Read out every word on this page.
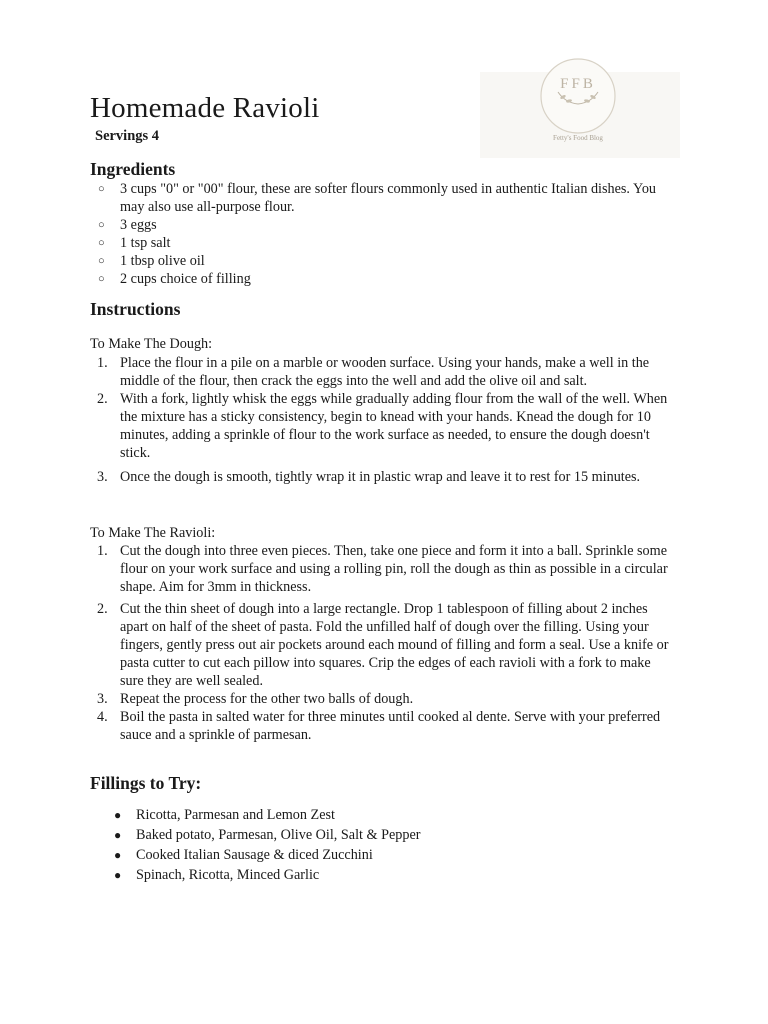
FFB
Fetty's Food Blog
Homemade Ravioli
Servings 4
Ingredients
○ 3 cups "0" or "00" flour, these are softer flours commonly used in authentic Italian dishes. You may also use all-purpose flour.
○ 3 eggs
○ 1 tsp salt
○ 1 tbsp olive oil
○ 2 cups choice of filling
Instructions
To Make The Dough:
1. Place the flour in a pile on a marble or wooden surface. Using your hands, make a well in the middle of the flour, then crack the eggs into the well and add the olive oil and salt.
2. With a fork, lightly whisk the eggs while gradually adding flour from the wall of the well. When the mixture has a sticky consistency, begin to knead with your hands. Knead the dough for 10 minutes, adding a sprinkle of flour to the work surface as needed, to ensure the dough doesn't stick.
3. Once the dough is smooth, tightly wrap it in plastic wrap and leave it to rest for 15 minutes.
To Make The Ravioli:
1. Cut the dough into three even pieces. Then, take one piece and form it into a ball. Sprinkle some flour on your work surface and using a rolling pin, roll the dough as thin as possible in a circular shape. Aim for 3mm in thickness.
2. Cut the thin sheet of dough into a large rectangle. Drop 1 tablespoon of filling about 2 inches apart on half of the sheet of pasta. Fold the unfilled half of dough over the filling. Using your fingers, gently press out air pockets around each mound of filling and form a seal. Use a knife or pasta cutter to cut each pillow into squares. Crip the edges of each ravioli with a fork to make sure they are well sealed.
3. Repeat the process for the other two balls of dough.
4. Boil the pasta in salted water for three minutes until cooked al dente. Serve with your preferred sauce and a sprinkle of parmesan.
Fillings to Try:
● Ricotta, Parmesan and Lemon Zest
● Baked potato, Parmesan, Olive Oil, Salt & Pepper
● Cooked Italian Sausage & diced Zucchini
● Spinach, Ricotta, Minced Garlic
